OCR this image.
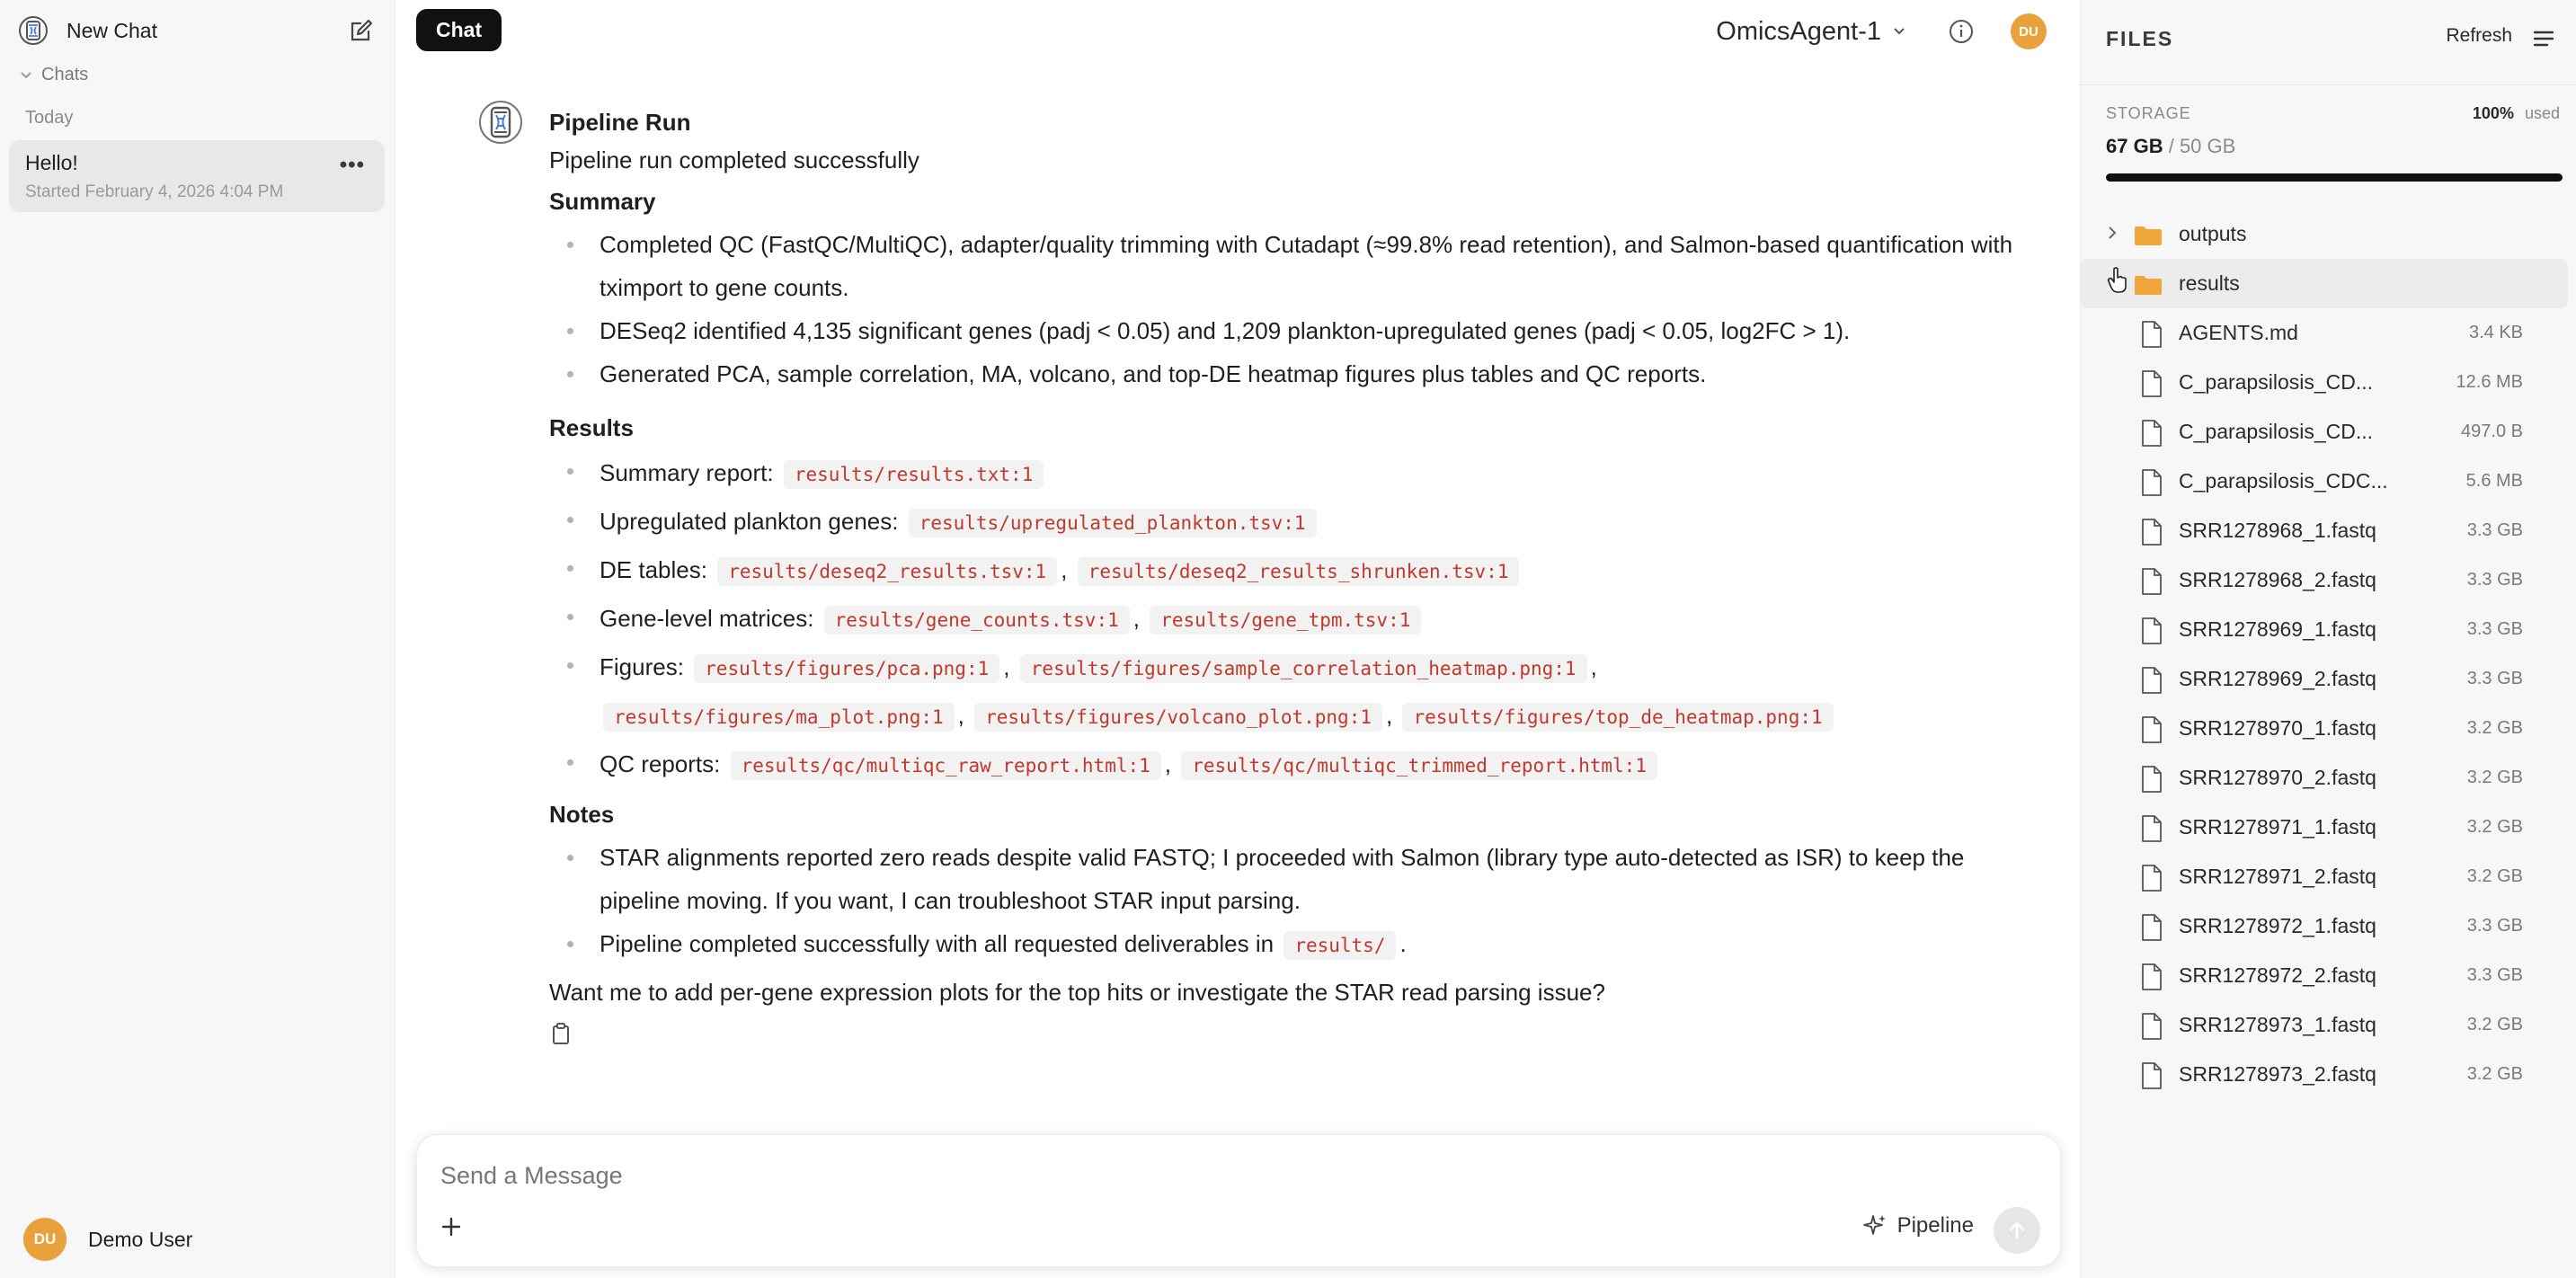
New Chat
Chats
Today
Hello!
Started February 4, 2026 4:04 PM
•••
DU	Demo User
Chat	OmicsAgent-1	DU
Pipeline Run
Pipeline run completed successfully
Summary
Completed QC (FastQC/MultiQC), adapter/quality trimming with Cutadapt (≈99.8% read retention), and Salmon-based quantification with tximport to gene counts.
DESeq2 identified 4,135 significant genes (padj < 0.05) and 1,209 plankton-upregulated genes (padj < 0.05, log2FC > 1).
Generated PCA, sample correlation, MA, volcano, and top-DE heatmap figures plus tables and QC reports.
Results
Summary report: results/results.txt:1
Upregulated plankton genes: results/upregulated_plankton.tsv:1
DE tables: results/deseq2_results.tsv:1 , results/deseq2_results_shrunken.tsv:1
Gene-level matrices: results/gene_counts.tsv:1 , results/gene_tpm.tsv:1
Figures: results/figures/pca.png:1 , results/figures/sample_correlation_heatmap.png:1 ,
results/figures/ma_plot.png:1 , results/figures/volcano_plot.png:1 , results/figures/top_de_heatmap.png:1
QC reports: results/qc/multiqc_raw_report.html:1 , results/qc/multiqc_trimmed_report.html:1
Notes
STAR alignments reported zero reads despite valid FASTQ; I proceeded with Salmon (library type auto-detected as ISR) to keep the pipeline moving. If you want, I can troubleshoot STAR input parsing.
Pipeline completed successfully with all requested deliverables in results/ .
Want me to add per-gene expression plots for the top hits or investigate the STAR read parsing issue?
Send a Message
Pipeline
FILES	Refresh
STORAGE	100% used
67 GB / 50 GB
outputs
results
AGENTS.md	3.4 KB
C_parapsilosis_CD...	12.6 MB
C_parapsilosis_CD...	497.0 B
C_parapsilosis_CDC...	5.6 MB
SRR1278968_1.fastq	3.3 GB
SRR1278968_2.fastq	3.3 GB
SRR1278969_1.fastq	3.3 GB
SRR1278969_2.fastq	3.3 GB
SRR1278970_1.fastq	3.2 GB
SRR1278970_2.fastq	3.2 GB
SRR1278971_1.fastq	3.2 GB
SRR1278971_2.fastq	3.2 GB
SRR1278972_1.fastq	3.3 GB
SRR1278972_2.fastq	3.3 GB
SRR1278973_1.fastq	3.2 GB
SRR1278973_2.fastq	3.2 GB
